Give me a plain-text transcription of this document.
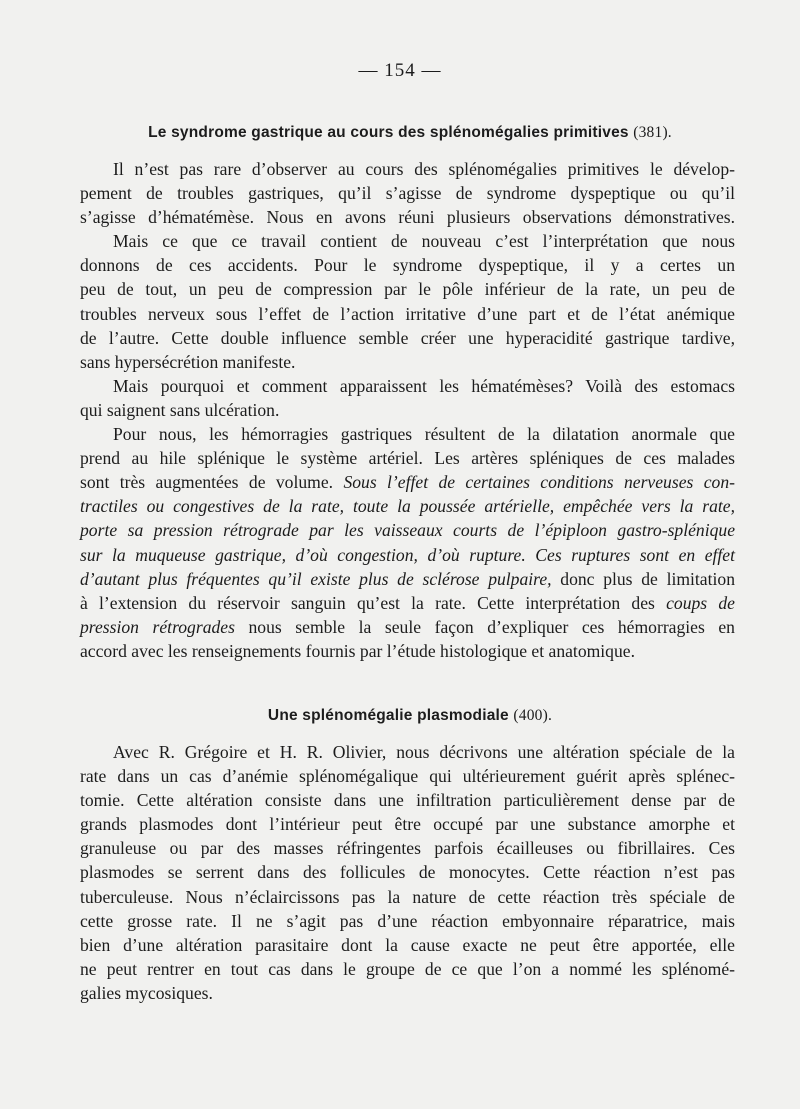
— 154 —
Le syndrome gastrique au cours des splénomégalies primitives (381).
Il n’est pas rare d’observer au cours des splénomégalies primitives le dévelop-
pement de troubles gastriques, qu’il s’agisse de syndrome dyspeptique ou qu’il
s’agisse d’hématémèse. Nous en avons réuni plusieurs observations démonstratives.
Mais ce que ce travail contient de nouveau c’est l’interprétation que nous
donnons de ces accidents. Pour le syndrome dyspeptique, il y a certes un
peu de tout, un peu de compression par le pôle inférieur de la rate, un peu de
troubles nerveux sous l’effet de l’action irritative d’une part et de l’état anémique
de l’autre. Cette double influence semble créer une hyperacidité gastrique tardive,
sans hypersécrétion manifeste.
Mais pourquoi et comment apparaissent les hématémèses? Voilà des estomacs
qui saignent sans ulcération.
Pour nous, les hémorragies gastriques résultent de la dilatation anormale que
prend au hile splénique le système artériel. Les artères spléniques de ces malades
sont très augmentées de volume. Sous l’effet de certaines conditions nerveuses con-
tractiles ou congestives de la rate, toute la poussée artérielle, empêchée vers la rate,
porte sa pression rétrograde par les vaisseaux courts de l’épiploon gastro-splénique
sur la muqueuse gastrique, d’où congestion, d’où rupture. Ces ruptures sont en effet
d’autant plus fréquentes qu’il existe plus de sclérose pulpaire, donc plus de limitation
à l’extension du réservoir sanguin qu’est la rate. Cette interprétation des coups de
pression rétrogrades nous semble la seule façon d’expliquer ces hémorragies en
accord avec les renseignements fournis par l’étude histologique et anatomique.
Une splénomégalie plasmodiale (400).
Avec R. Grégoire et H. R. Olivier, nous décrivons une altération spéciale de la
rate dans un cas d’anémie splénomégalique qui ultérieurement guérit après splénec-
tomie. Cette altération consiste dans une infiltration particulièrement dense par de
grands plasmodes dont l’intérieur peut être occupé par une substance amorphe et
granuleuse ou par des masses réfringentes parfois écailleuses ou fibrillaires. Ces
plasmodes se serrent dans des follicules de monocytes. Cette réaction n’est pas
tuberculeuse. Nous n’éclaircissons pas la nature de cette réaction très spéciale de
cette grosse rate. Il ne s’agit pas d’une réaction embyonnaire réparatrice, mais
bien d’une altération parasitaire dont la cause exacte ne peut être apportée, elle
ne peut rentrer en tout cas dans le groupe de ce que l’on a nommé les splénomé-
galies mycosiques.
